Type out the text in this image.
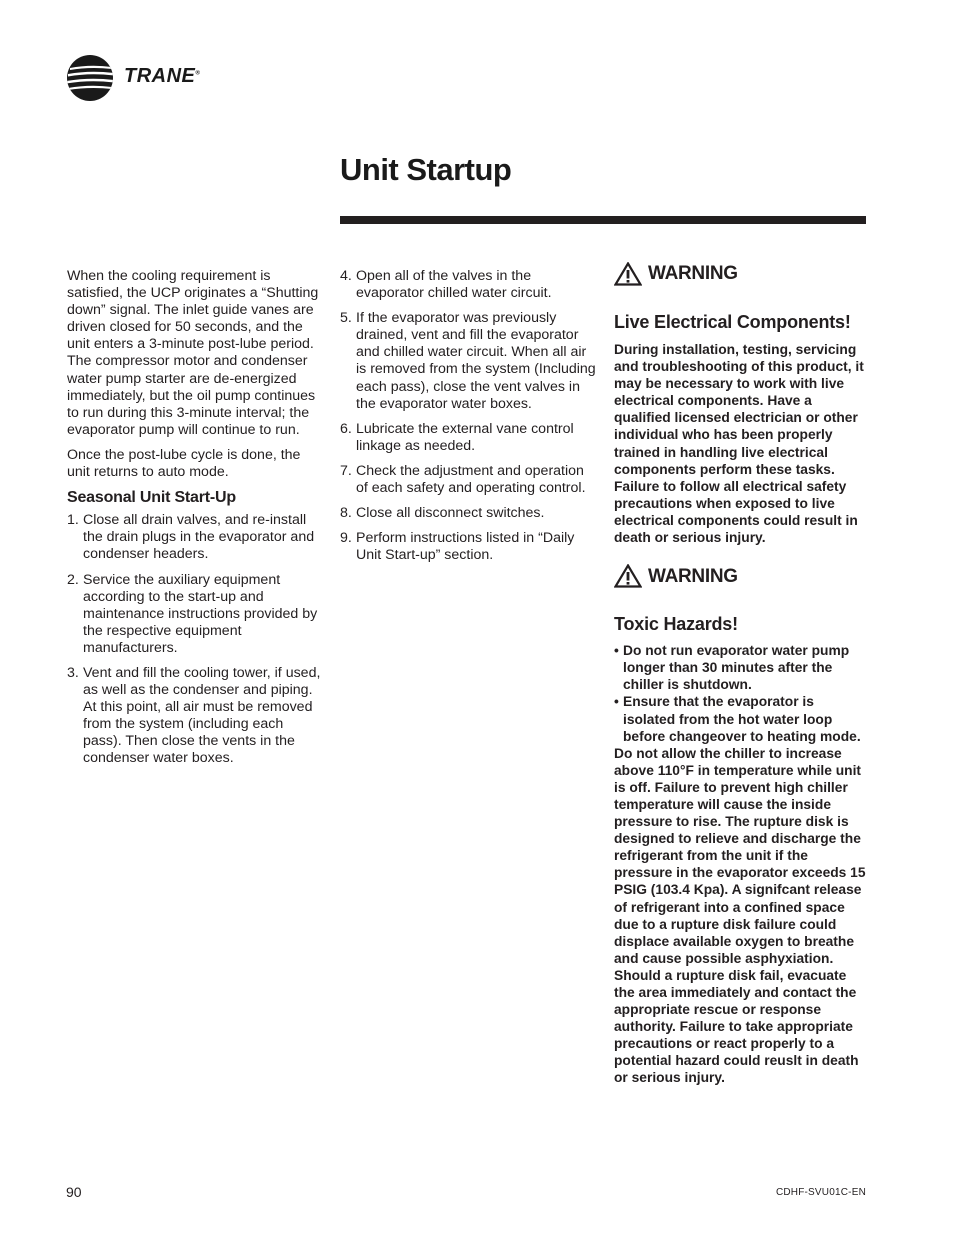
TRANE®
Unit Startup

When the cooling requirement is satisfied, the UCP originates a “Shutting down” signal. The inlet guide vanes are driven closed for 50 seconds, and the unit enters a 3-minute post-lube period. The compressor motor and condenser water pump starter are de-energized immediately, but the oil pump continues to run during this 3-minute interval; the evaporator pump will continue to run.

Once the post-lube cycle is done, the unit returns to auto mode.

Seasonal Unit Start-Up
1. Close all drain valves, and re-install the drain plugs in the evaporator and condenser headers.
2. Service the auxiliary equipment according to the start-up and maintenance instructions provided by the respective equipment manufacturers.
3. Vent and fill the cooling tower, if used, as well as the condenser and piping. At this point, all air must be removed from the system (including each pass). Then close the vents in the condenser water boxes.
4. Open all of the valves in the evaporator chilled water circuit.
5. If the evaporator was previously drained, vent and fill the evaporator and chilled water circuit. When all air is removed from the system (Including each pass), close the vent valves in the evaporator water boxes.
6. Lubricate the external vane control linkage as needed.
7. Check the adjustment and operation of each safety and operating control.
8. Close all disconnect switches.
9. Perform instructions listed in “Daily Unit Start-up” section.
WARNING
Live Electrical Components!

During installation, testing, servicing and troubleshooting of this product, it may be necessary to work with live electrical components. Have a qualified licensed electrician or other individual who has been properly trained in handling live electrical components perform these tasks. Failure to follow all electrical safety precautions when exposed to live electrical components could result in death or serious injury.

WARNING
Toxic Hazards!
• Do not run evaporator water pump longer than 30 minutes after the chiller is shutdown.
• Ensure that the evaporator is isolated from the hot water loop before changeover to heating mode.

Do not allow the chiller to increase above 110°F in temperature while unit is off. Failure to prevent high chiller temperature will cause the inside pressure to rise. The rupture disk is designed to relieve and discharge the refrigerant from the unit if the pressure in the evaporator exceeds 15 PSIG (103.4 Kpa). A signifcant release of refrigerant into a confined space due to a rupture disk failure could displace available oxygen to breathe and cause possible asphyxiation. Should a rupture disk fail, evacuate the area immediately and contact the appropriate rescue or response authority. Failure to take appropriate precautions or react properly to a potential hazard could reuslt in death or serious injury.

90	CDHF-SVU01C-EN
